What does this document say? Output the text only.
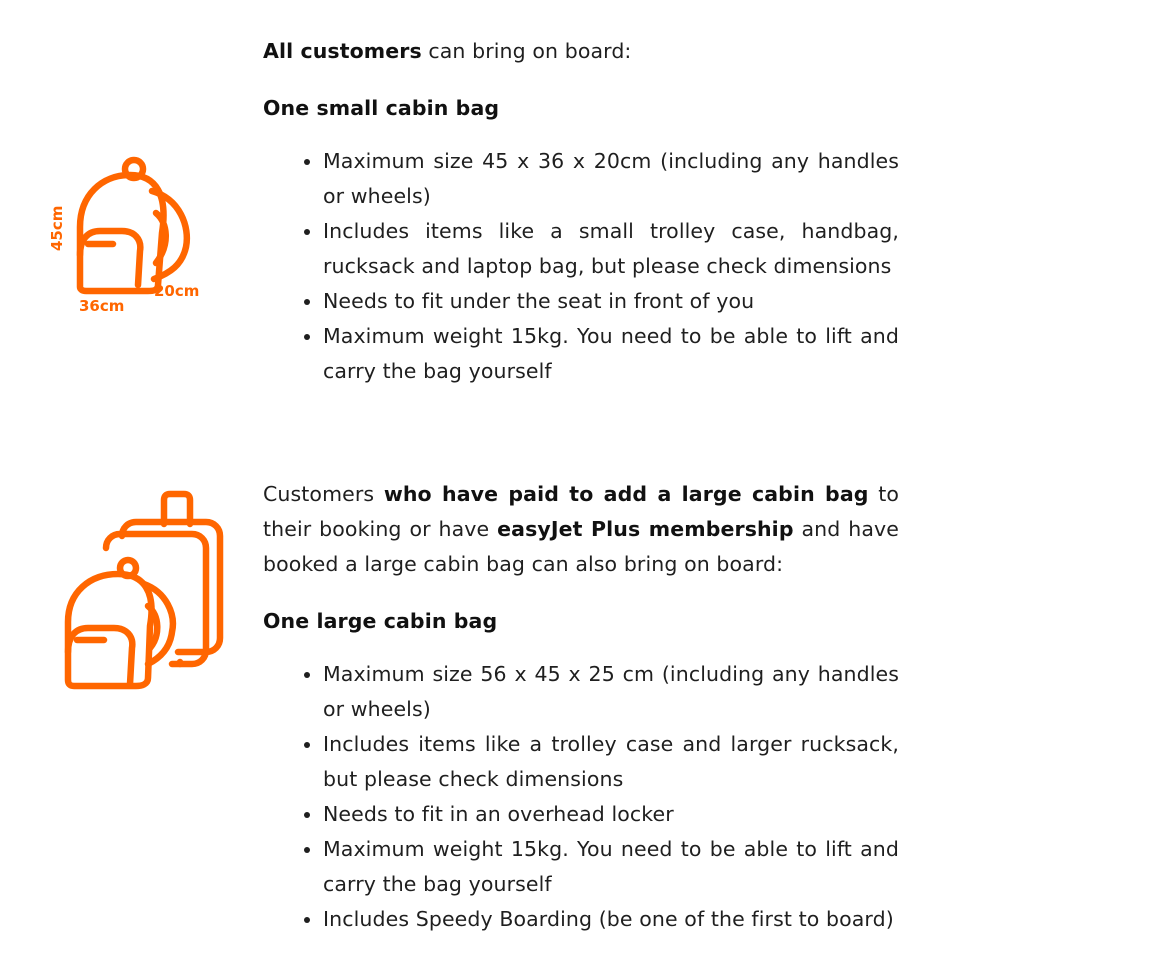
45cm
36cm
20cm

All customers can bring on board:

One small cabin bag

• Maximum size 45 x 36 x 20cm (including any handles or wheels)
• Includes items like a small trolley case, handbag, rucksack and laptop bag, but please check dimensions
• Needs to fit under the seat in front of you
• Maximum weight 15kg. You need to be able to lift and carry the bag yourself

Customers who have paid to add a large cabin bag to their booking or have easyJet Plus membership and have booked a large cabin bag can also bring on board:

One large cabin bag

• Maximum size 56 x 45 x 25 cm (including any handles or wheels)
• Includes items like a trolley case and larger rucksack, but please check dimensions
• Needs to fit in an overhead locker
• Maximum weight 15kg. You need to be able to lift and carry the bag yourself
• Includes Speedy Boarding (be one of the first to board)
